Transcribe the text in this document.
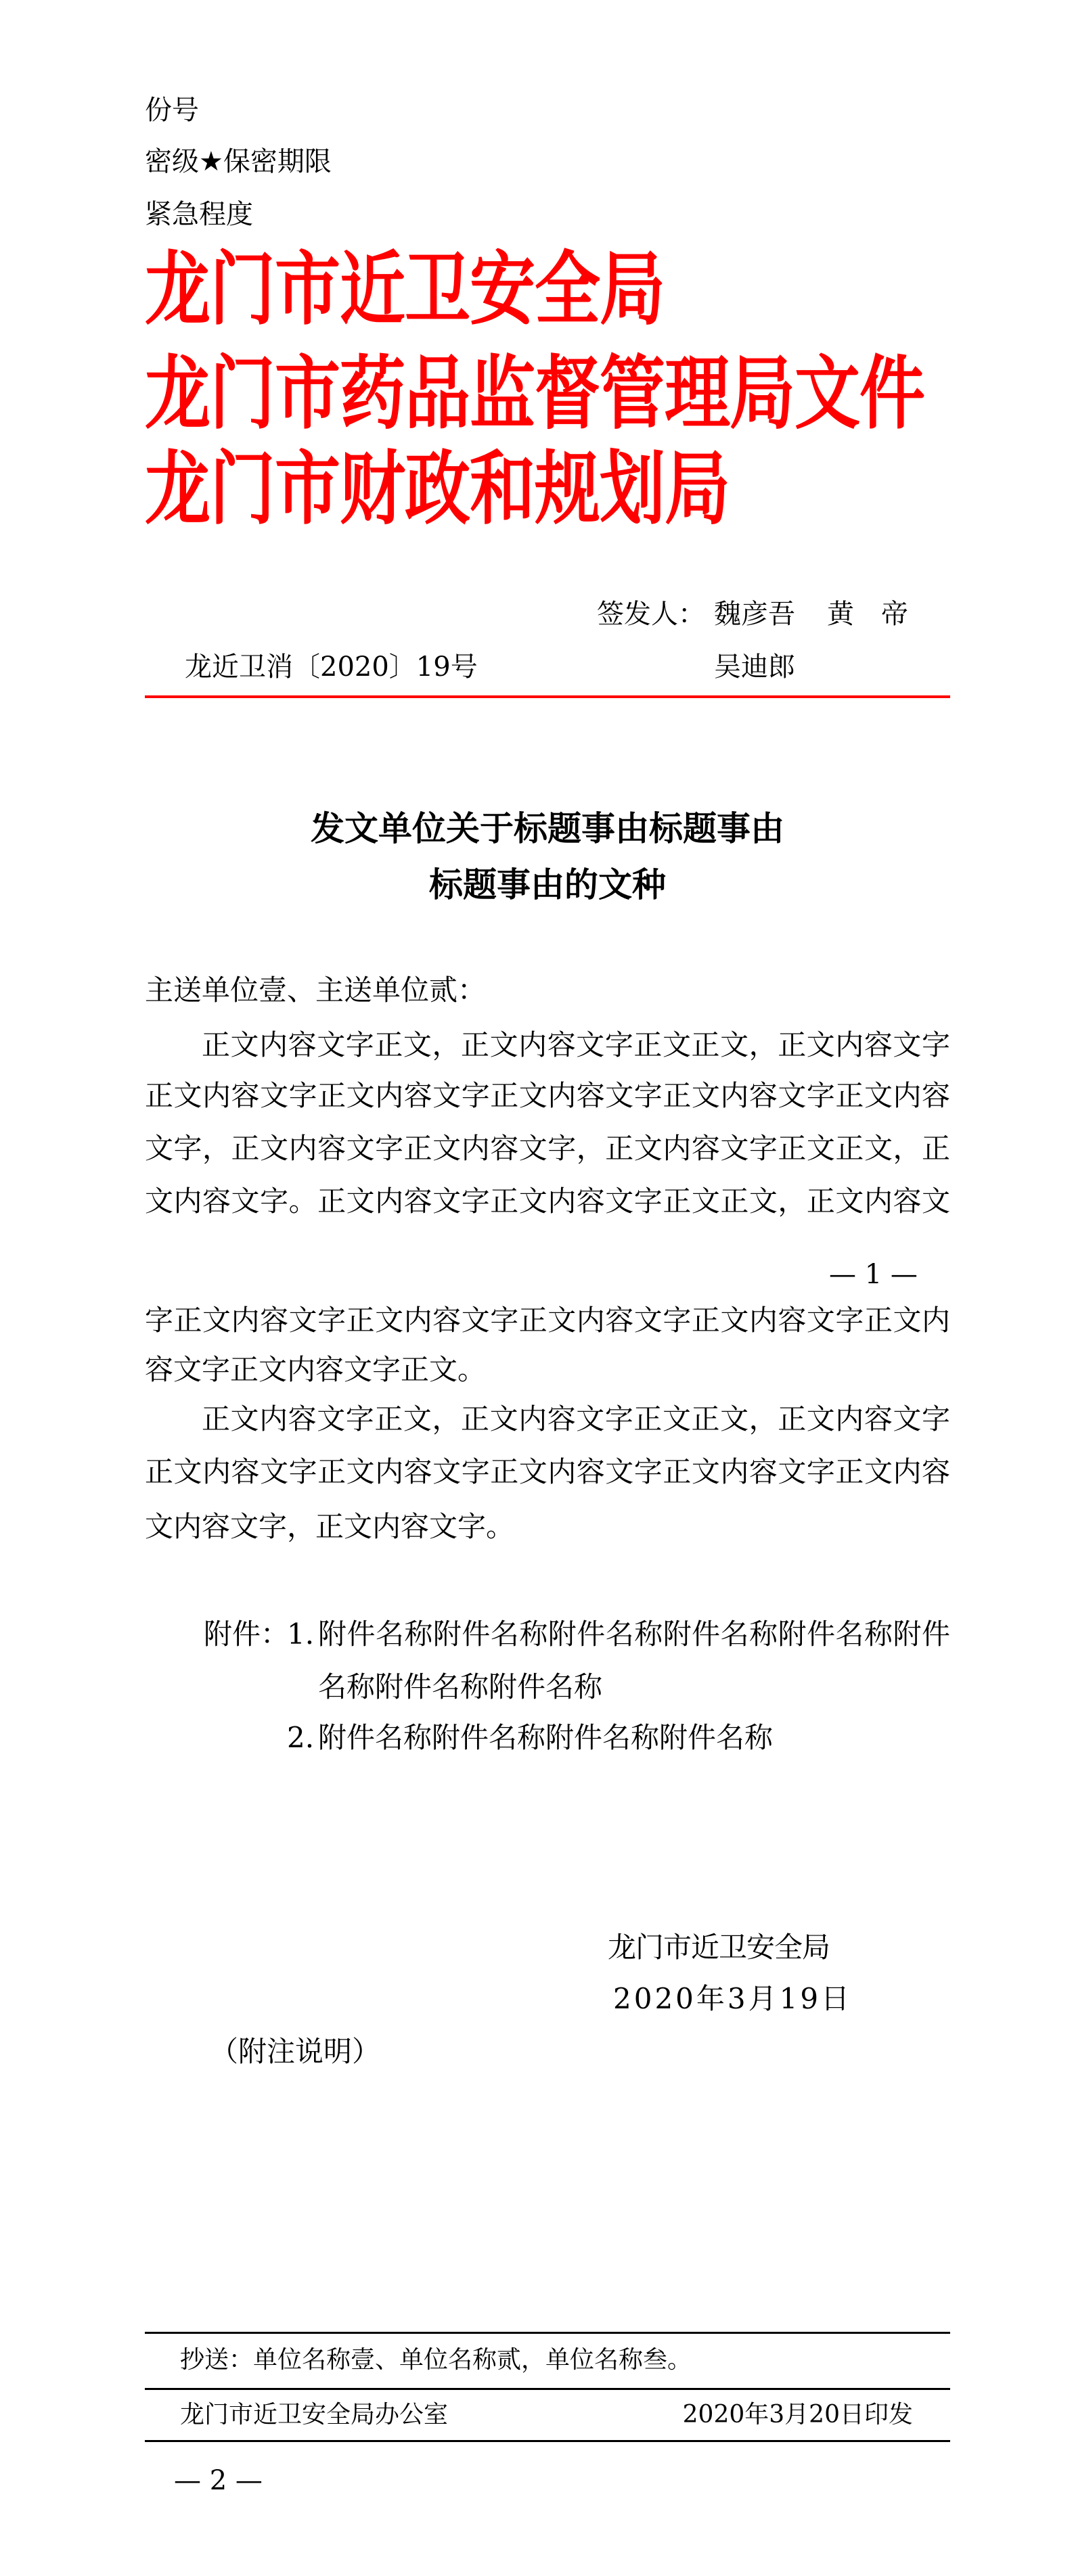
份号
密级★保密期限
紧急程度
龙门市近卫安全局
龙门市药品监督管理局文件
龙门市财政和规划局
签发人： 魏彦吾 黄　帝
吴迪郎
龙近卫消〔2020〕19号
发文单位关于标题事由标题事由
标题事由的文种
主送单位壹、主送单位贰：
正文内容文字正文，正文内容文字正文正文，正文内容文字
正文内容文字正文内容文字正文内容文字正文内容文字正文内容
文字，正文内容文字正文内容文字，正文内容文字正文正文，正
文内容文字。正文内容文字正文内容文字正文正文，正文内容文
— 1 —
字正文内容文字正文内容文字正文内容文字正文内容文字正文内
容文字正文内容文字正文。
正文内容文字正文，正文内容文字正文正文，正文内容文字
正文内容文字正文内容文字正文内容文字正文内容文字正文内容
文内容文字，正文内容文字。
附件：
1. 附件名称附件名称附件名称附件名称附件名称附件
名称附件名称附件名称
2. 附件名称附件名称附件名称附件名称
龙门市近卫安全局
2020年3月19日
（附注说明）
抄送：单位名称壹、单位名称贰，单位名称叁。
龙门市近卫安全局办公室	2020年3月20日印发
— 2 —
